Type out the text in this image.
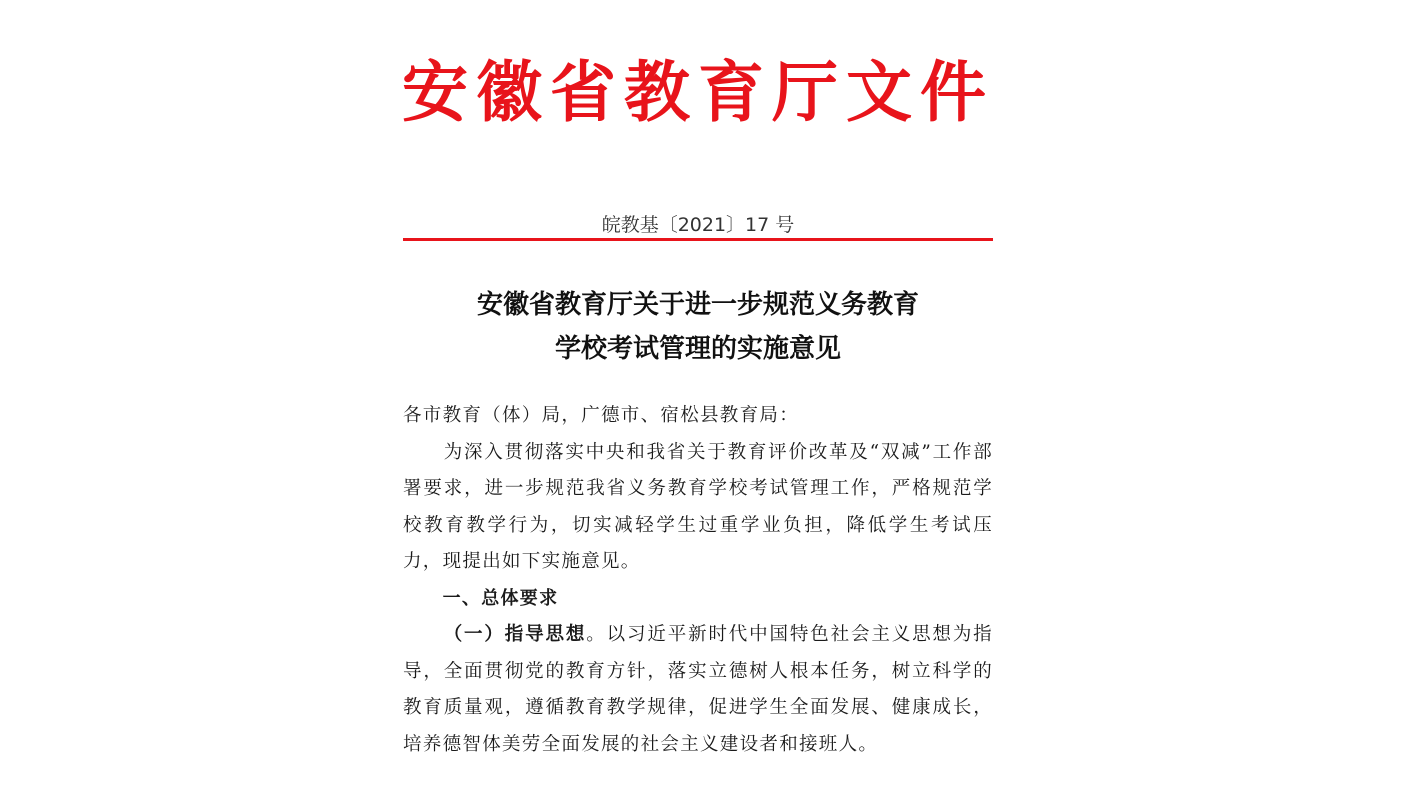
安徽省教育厅文件
皖教基〔2021〕17 号
安徽省教育厅关于进一步规范义务教育
学校考试管理的实施意见

各市教育（体）局，广德市、宿松县教育局：

为深入贯彻落实中央和我省关于教育评价改革及“双减”工作部署要求，进一步规范我省义务教育学校考试管理工作，严格规范学校教育教学行为，切实减轻学生过重学业负担，降低学生考试压力，现提出如下实施意见。

一、总体要求

（一）指导思想。以习近平新时代中国特色社会主义思想为指导，全面贯彻党的教育方针，落实立德树人根本任务，树立科学的教育质量观，遵循教育教学规律，促进学生全面发展、健康成长，培养德智体美劳全面发展的社会主义建设者和接班人。
